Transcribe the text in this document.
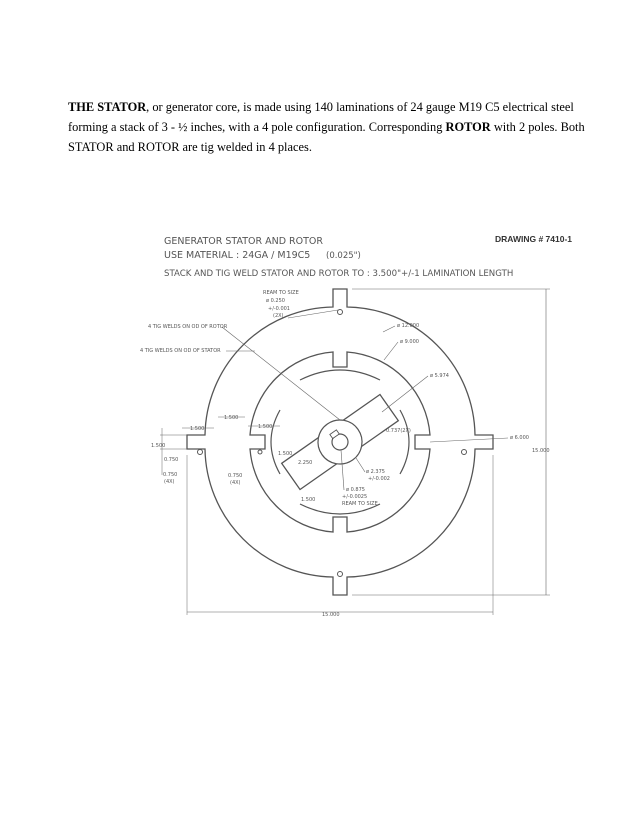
THE STATOR, or generator core, is made using 140 laminations of 24 gauge M19 C5 electrical steel forming a stack of 3 - ½ inches, with a 4 pole configuration. Corresponding ROTOR with 2 poles. Both STATOR and ROTOR are tig welded in 4 places.
GENERATOR STATOR AND ROTOR
USE MATERIAL : 24GA / M19C5 (0.025")
STACK AND TIG WELD STATOR AND ROTOR TO : 3.500"+/-1 LAMINATION LENGTH
DRAWING # 7410-1
REAM TO SIZE
ø 0.250
+/-0.001
(2X)
4 TIG WELDS ON OD OF ROTOR
4 TIG WELDS ON OD OF STATOR
ø 12.000
ø 9.000
ø 5.974
0.737(2X)
ø 6.000
15.000
15.000
1.500
1.500
1.500
1.500
0.750
1.500
0.750
(4X)
0.750
(4X)
2.250
1.500
ø 2.375
+/-0.002
ø 0.875
+/-0.0025
REAM TO SIZE
